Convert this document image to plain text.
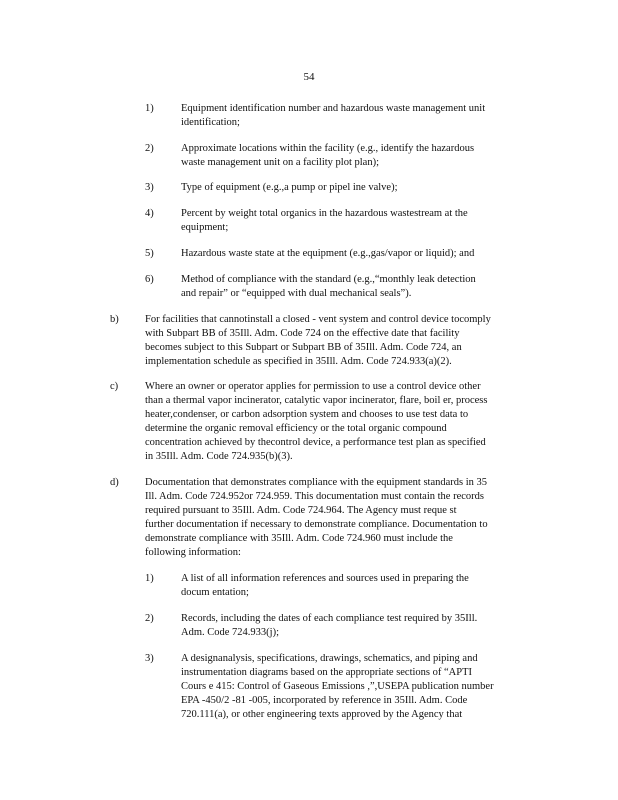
54
1)	Equipment identification number and hazardous waste management unit
identification;
2)	Approximate locations within the facility (e.g., identify the hazardous
waste management unit on a facility plot plan);
3)	Type of equipment (e.g.,a pump or pipel ine valve);
4)	Percent by weight total organics in the hazardous wastestream at the
equipment;
5)	Hazardous waste state at the equipment (e.g.,gas/vapor or liquid); and
6)	Method of compliance with the standard (e.g.,“monthly leak detection
and repair” or “equipped with dual mechanical seals”).
b)	For facilities that cannotinstall a closed - vent system and control device tocomply
with Subpart BB of 35Ill. Adm. Code 724 on the effective date that facility
becomes subject to this Subpart or Subpart BB of 35Ill. Adm. Code 724, an
implementation schedule as specified in 35Ill. Adm. Code 724.933(a)(2).
c)	Where an owner or operator applies for permission to use a control device other
than a thermal vapor incinerator, catalytic vapor incinerator, flare, boil er, process
heater,condenser, or carbon adsorption system and chooses to use test data to
determine the organic removal efficiency or the total organic compound
concentration achieved by thecontrol device, a performance test plan as specified
in 35Ill. Adm. Code 724.935(b)(3).
d)	Documentation that demonstrates compliance with the equipment standards in 35
Ill. Adm. Code 724.952or 724.959. This documentation must contain the records
required pursuant to 35Ill. Adm. Code 724.964. The Agency must reque st
further documentation if necessary to demonstrate compliance. Documentation to
demonstrate compliance with 35Ill. Adm. Code 724.960 must include the
following information:
1)	A list of all information references and sources used in preparing the
docum entation;
2)	Records, including the dates of each compliance test required by 35Ill.
Adm. Code 724.933(j);
3)	A designanalysis, specifications, drawings, schematics, and piping and
instrumentation diagrams based on the appropriate sections of “APTI
Cours e 415: Control of Gaseous Emissions ,”,USEPA publication number
EPA -450/2 -81 -005, incorporated by reference in 35Ill. Adm. Code
720.111(a), or other engineering texts approved by the Agency that
